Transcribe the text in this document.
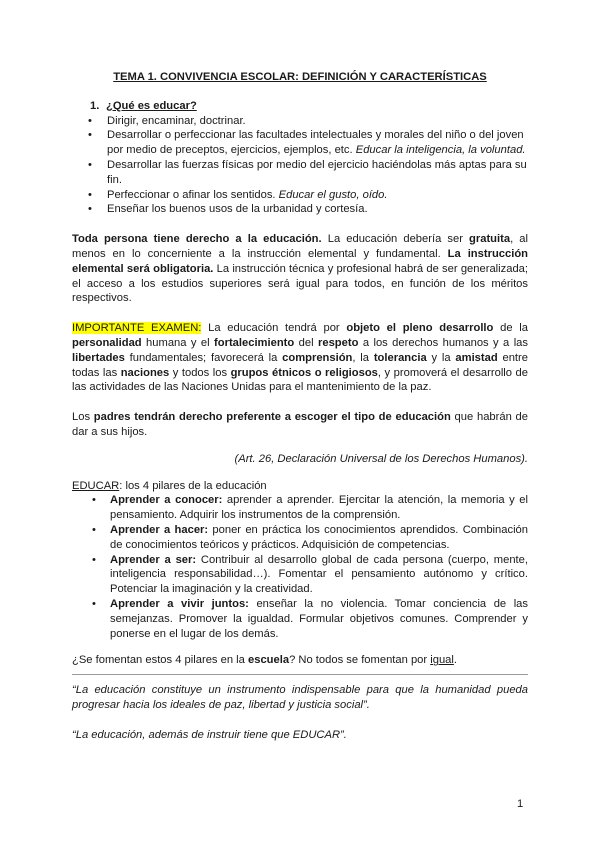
TEMA 1. CONVIVENCIA ESCOLAR: DEFINICIÓN Y CARACTERÍSTICAS

1. ¿Qué es educar?
• Dirigir, encaminar, doctrinar.
• Desarrollar o perfeccionar las facultades intelectuales y morales del niño o del joven por medio de preceptos, ejercicios, ejemplos, etc. Educar la inteligencia, la voluntad.
• Desarrollar las fuerzas físicas por medio del ejercicio haciéndolas más aptas para su fin.
• Perfeccionar o afinar los sentidos. Educar el gusto, oído.
• Enseñar los buenos usos de la urbanidad y cortesía.

Toda persona tiene derecho a la educación. La educación debería ser gratuita, al menos en lo concerniente a la instrucción elemental y fundamental. La instrucción elemental será obligatoria. La instrucción técnica y profesional habrá de ser generalizada; el acceso a los estudios superiores será igual para todos, en función de los méritos respectivos.

IMPORTANTE EXAMEN: La educación tendrá por objeto el pleno desarrollo de la personalidad humana y el fortalecimiento del respeto a los derechos humanos y a las libertades fundamentales; favorecerá la comprensión, la tolerancia y la amistad entre todas las naciones y todos los grupos étnicos o religiosos, y promoverá el desarrollo de las actividades de las Naciones Unidas para el mantenimiento de la paz.

Los padres tendrán derecho preferente a escoger el tipo de educación que habrán de dar a sus hijos.

(Art. 26, Declaración Universal de los Derechos Humanos).

EDUCAR: los 4 pilares de la educación

• Aprender a conocer: aprender a aprender. Ejercitar la atención, la memoria y el pensamiento. Adquirir los instrumentos de la comprensión.
• Aprender a hacer: poner en práctica los conocimientos aprendidos. Combinación de conocimientos teóricos y prácticos. Adquisición de competencias.
• Aprender a ser: Contribuir al desarrollo global de cada persona (cuerpo, mente, inteligencia responsabilidad…). Fomentar el pensamiento autónomo y crítico. Potenciar la imaginación y la creatividad.
• Aprender a vivir juntos: enseñar la no violencia. Tomar conciencia de las semejanzas. Promover la igualdad. Formular objetivos comunes. Comprender y ponerse en el lugar de los demás.

¿Se fomentan estos 4 pilares en la escuela? No todos se fomentan por igual.

“La educación constituye un instrumento indispensable para que la humanidad pueda progresar hacia los ideales de paz, libertad y justicia social”.

“La educación, además de instruir tiene que EDUCAR”.

1
